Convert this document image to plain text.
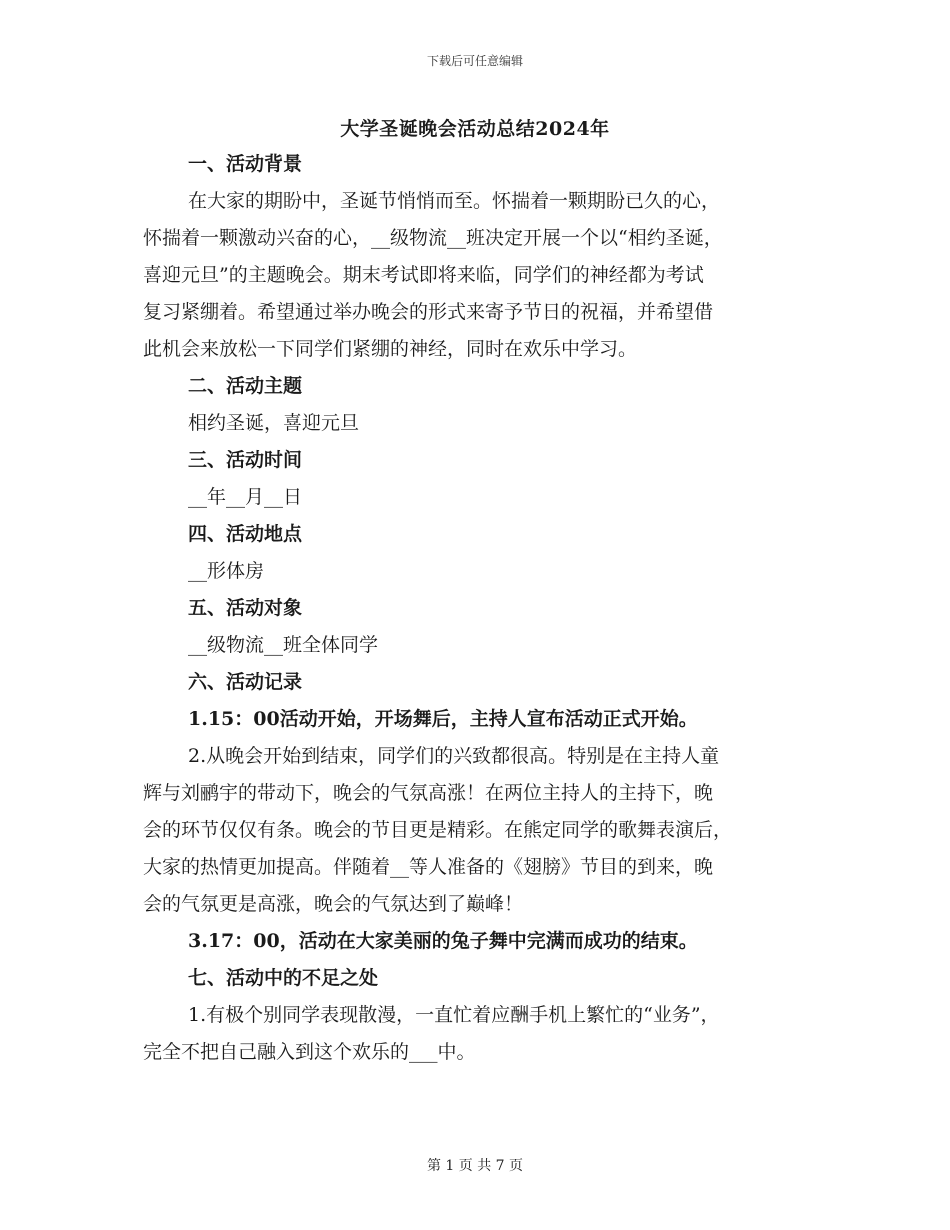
下载后可任意编辑
大学圣诞晚会活动总结2024年
一、活动背景
在大家的期盼中，圣诞节悄悄而至。怀揣着一颗期盼已久的心，
怀揣着一颗激动兴奋的心，__级物流__班决定开展一个以“相约圣诞，
喜迎元旦”的主题晚会。期末考试即将来临，同学们的神经都为考试
复习紧绷着。希望通过举办晚会的形式来寄予节日的祝福，并希望借
此机会来放松一下同学们紧绷的神经，同时在欢乐中学习。
二、活动主题
相约圣诞，喜迎元旦
三、活动时间
__年__月__日
四、活动地点
__形体房
五、活动对象
__级物流__班全体同学
六、活动记录
1.15：00活动开始，开场舞后，主持人宣布活动正式开始。
2.从晚会开始到结束，同学们的兴致都很高。特别是在主持人童
辉与刘鹂宇的带动下，晚会的气氛高涨！在两位主持人的主持下，晚
会的环节仅仅有条。晚会的节目更是精彩。在熊定同学的歌舞表演后，
大家的热情更加提高。伴随着__等人准备的《翅膀》节目的到来，晚
会的气氛更是高涨，晚会的气氛达到了巅峰！
3.17：00，活动在大家美丽的兔子舞中完满而成功的结束。
七、活动中的不足之处
1.有极个别同学表现散漫，一直忙着应酬手机上繁忙的“业务”，
完全不把自己融入到这个欢乐的___中。
第 1 页 共 7 页
